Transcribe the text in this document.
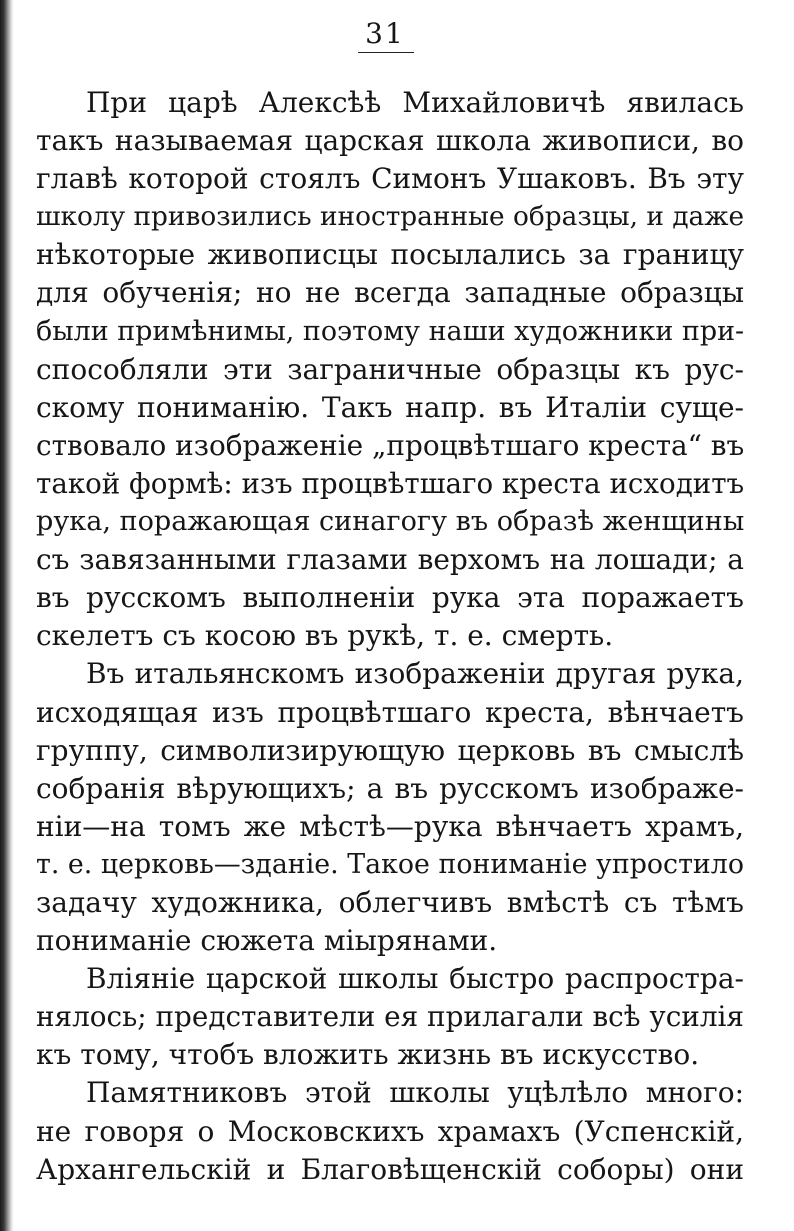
31
При царѣ Алексѣѣ Михайловичѣ явилась
такъ называемая царская школа живописи, во
главѣ которой стоялъ Симонъ Ушаковъ. Въ эту
школу привозились иностранные образцы, и даже
нѣкоторые живописцы посылались за границу
для обученія; но не всегда западные образцы
были примѣнимы, поэтому наши художники при-
способляли эти заграничные образцы къ рус-
скому пониманію. Такъ напр. въ Италіи суще-
ствовало изображеніе „процвѣтшаго креста“ въ
такой формѣ: изъ процвѣтшаго креста исходитъ
рука, поражающая синагогу въ образѣ женщины
съ завязанными глазами верхомъ на лошади; а
въ русскомъ выполненіи рука эта поражаетъ
скелетъ съ косою въ рукѣ, т. е. смерть.
Въ итальянскомъ изображеніи другая рука,
исходящая изъ процвѣтшаго креста, вѣнчаетъ
группу, символизирующую церковь въ смыслѣ
собранія вѣрующихъ; а въ русскомъ изображе-
ніи—на томъ же мѣстѣ—рука вѣнчаетъ храмъ,
т. е. церковь—зданіе. Такое пониманіе упростило
задачу художника, облегчивъ вмѣстѣ съ тѣмъ
пониманіе сюжета міырянами.
Вліяніе царской школы быстро распростра-
нялось; представители ея прилагали всѣ усилія
къ тому, чтобъ вложить жизнь въ искусство.
Памятниковъ этой школы уцѣлѣло много:
не говоря о Московскихъ храмахъ (Успенскій,
Архангельскій и Благовѣщенскій соборы) они
